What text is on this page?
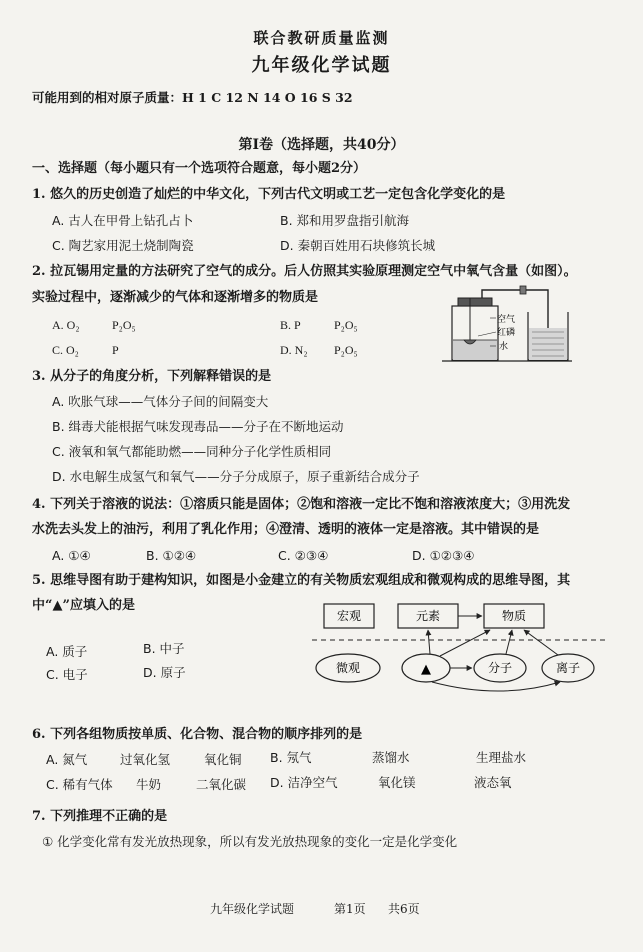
联合教研质量监测
九年级化学试题
可能用到的相对原子质量：H 1 C 12 N 14 O 16 S 32
第Ⅰ卷（选择题，共40分）
一、选择题（每小题只有一个选项符合题意，每小题2分）
1. 悠久的历史创造了灿烂的中华文化，下列古代文明或工艺一定包含化学变化的是
A. 古人在甲骨上钻孔占卜	B. 郑和用罗盘指引航海
C. 陶艺家用泥土烧制陶瓷	D. 秦朝百姓用石块修筑长城
2. 拉瓦锡用定量的方法研究了空气的成分。后人仿照其实验原理测定空气中氧气含量（如图）。
实验过程中，逐渐减少的气体和逐渐增多的物质是
A. O₂	P₂O₅	B. P	P₂O₅
C. O₂	P	D. N₂ P₂O₅
空气
红磷
水
3. 从分子的角度分析，下列解释错误的是
A. 吹胀气球——气体分子间的间隔变大
B. 缉毒犬能根据气味发现毒品——分子在不断地运动
C. 液氧和氧气都能助燃——同种分子化学性质相同
D. 水电解生成氢气和氧气——分子分成原子，原子重新结合成分子
4. 下列关于溶液的说法：①溶质只能是固体；②饱和溶液一定比不饱和溶液浓度大；③用洗发
水洗去头发上的油污，利用了乳化作用；④澄清、透明的液体一定是溶液。其中错误的是
A. ①④	B. ①②④	C. ②③④	D. ①②③④
5. 思维导图有助于建构知识，如图是小金建立的有关物质宏观组成和微观构成的思维导图，其
中“▲”应填入的是
A. 质子	B. 中子
C. 电子	D. 原子
宏观	元素	物质
微观	▲	分子	离子
6. 下列各组物质按单质、化合物、混合物的顺序排列的是
A. 氮气	过氧化氢	氧化铜 B. 氖气	蒸馏水	生理盐水
C. 稀有气体 牛奶	二氧化碳 D. 洁净空气	氧化镁	液态氧
7. 下列推理不正确的是
① 化学变化常有发光放热现象，所以有发光放热现象的变化一定是化学变化
九年级化学试题	第1页 共6页
